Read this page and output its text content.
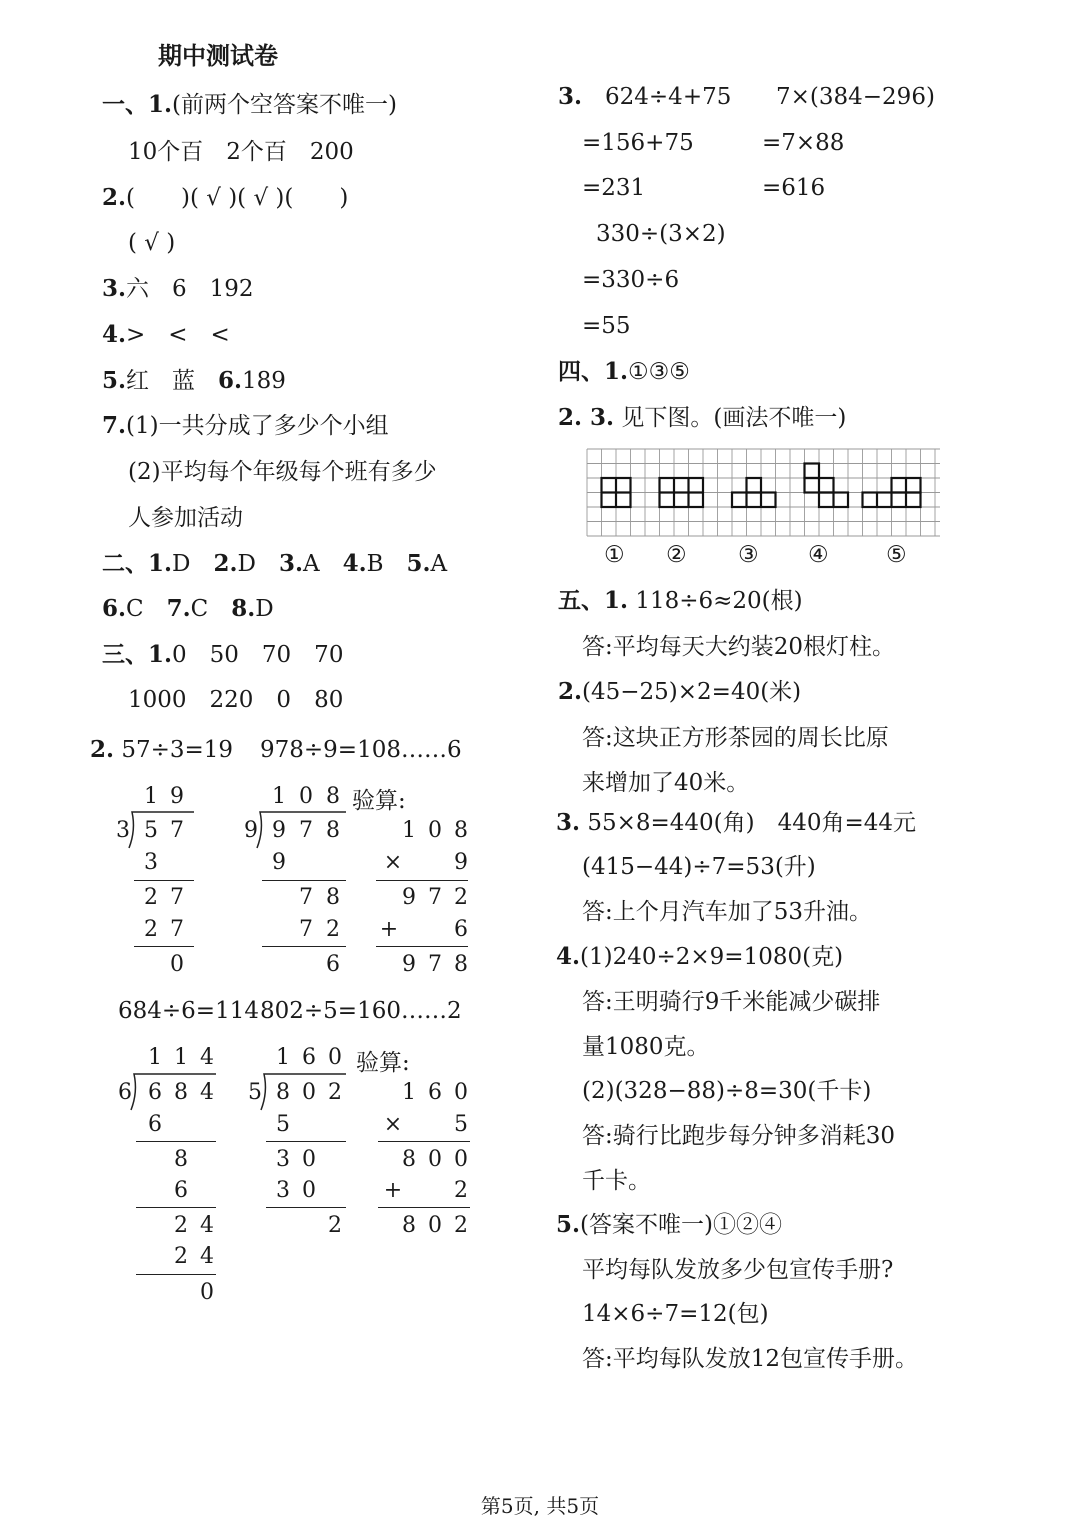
期中测试卷
一、1.(前两个空答案不唯一)
10个百　2个百　200
2.(　　)( √ )( √ )(　　)
( √ )
3.六　6　192
4.>　<　<
5.红　蓝　 6.189
7.(1)一共分成了多少个小组
(2)平均每个年级每个班有多少
人参加活动
二、1.D　 2.D　 3.A　 4.B　 5.A
6.C　 7.C　 8.D
三、1.0　50　70　70
1000　220　0　80
2. 57÷3=19 978÷9=108……6
1 9
3 5 7
3
2 7
2 7
0
1 0 8
9 9 7 8
9
7 8
7 2
6
验算:
1 0 8
× 9
9 7 2
+	6
9 7 8
684÷6=114 802÷5=160……2
1 1 4
6 6 8 4
6
8
6
2 4
2 4
0
1 6 0
5 8 0 2
5
3 0
3 0
2
验算:
1 6 0
× 5
8 0 0
+ 2
8 0 2
3.　 624÷4+75 7×(384−296)
=156+75	=7×88
=231	=616
330÷(3×2)
=330÷6
=55
四、1.①③⑤
2. 3. 见下图。(画法不唯一)
① ② ③ ④ ⑤
五、1. 118÷6≈20(根)
答:平均每天大约装20根灯柱。
2.(45−25)×2=40(米)
答:这块正方形茶园的周长比原
来增加了40米。
3. 55×8=440(角)　440角=44元
(415−44)÷7=53(升)
答:上个月汽车加了53升油。
4.(1)240÷2×9=1080(克)
答:王明骑行9千米能减少碳排
量1080克。
(2)(328−88)÷8=30(千卡)
答:骑行比跑步每分钟多消耗30
千卡。
5.(答案不唯一)①②④
平均每队发放多少包宣传手册?
14×6÷7=12(包)
答:平均每队发放12包宣传手册。
第5页, 共5页
